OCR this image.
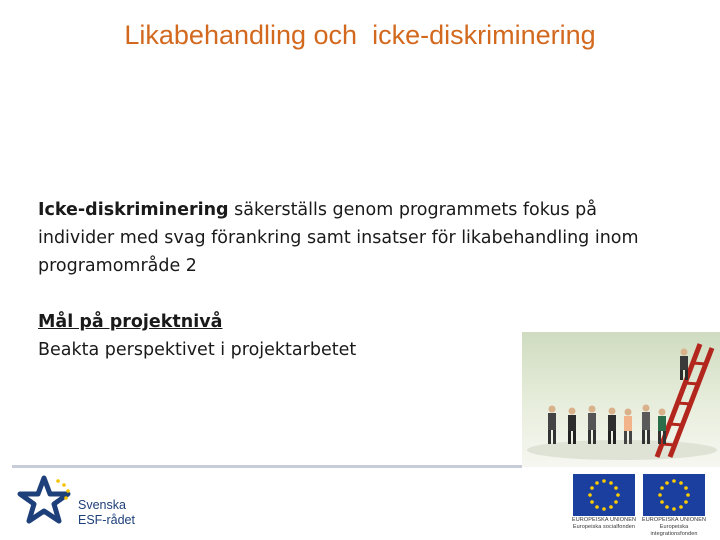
Likabehandling och  icke-diskriminering

Icke-diskriminering säkerställs genom programmets fokus på individer med svag förankring samt insatser för likabehandling inom programområde 2

Mål på projektnivå

Beakta perspektivet i projektarbetet

Svenska
ESF-rådet	EUROPEISKA UNIONEN
Europeiska socialfonden
EUROPEISKA UNIONEN
Europeiska integrationsfonden
